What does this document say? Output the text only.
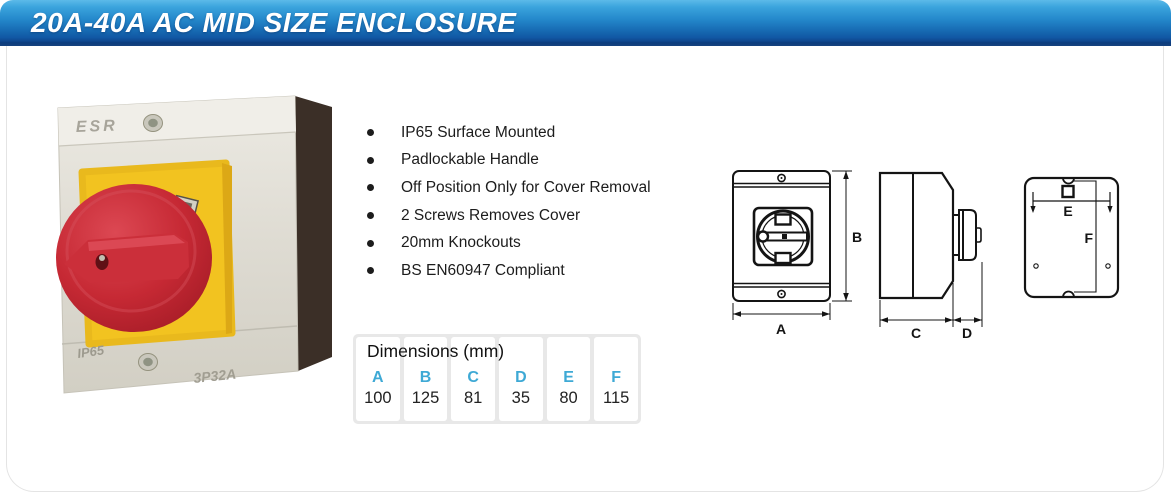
20A-40A AC MID SIZE ENCLOSURE
ESR
IP65
3P32A
IP65 Surface Mounted
Padlockable Handle
Off Position Only for Cover Removal
2 Screws Removes Cover
20mm Knockouts
BS EN60947 Compliant
Dimensions (mm)
A
100
B
125
C
81
D
35
E
80
F
115
B
A	C	D
E
F
